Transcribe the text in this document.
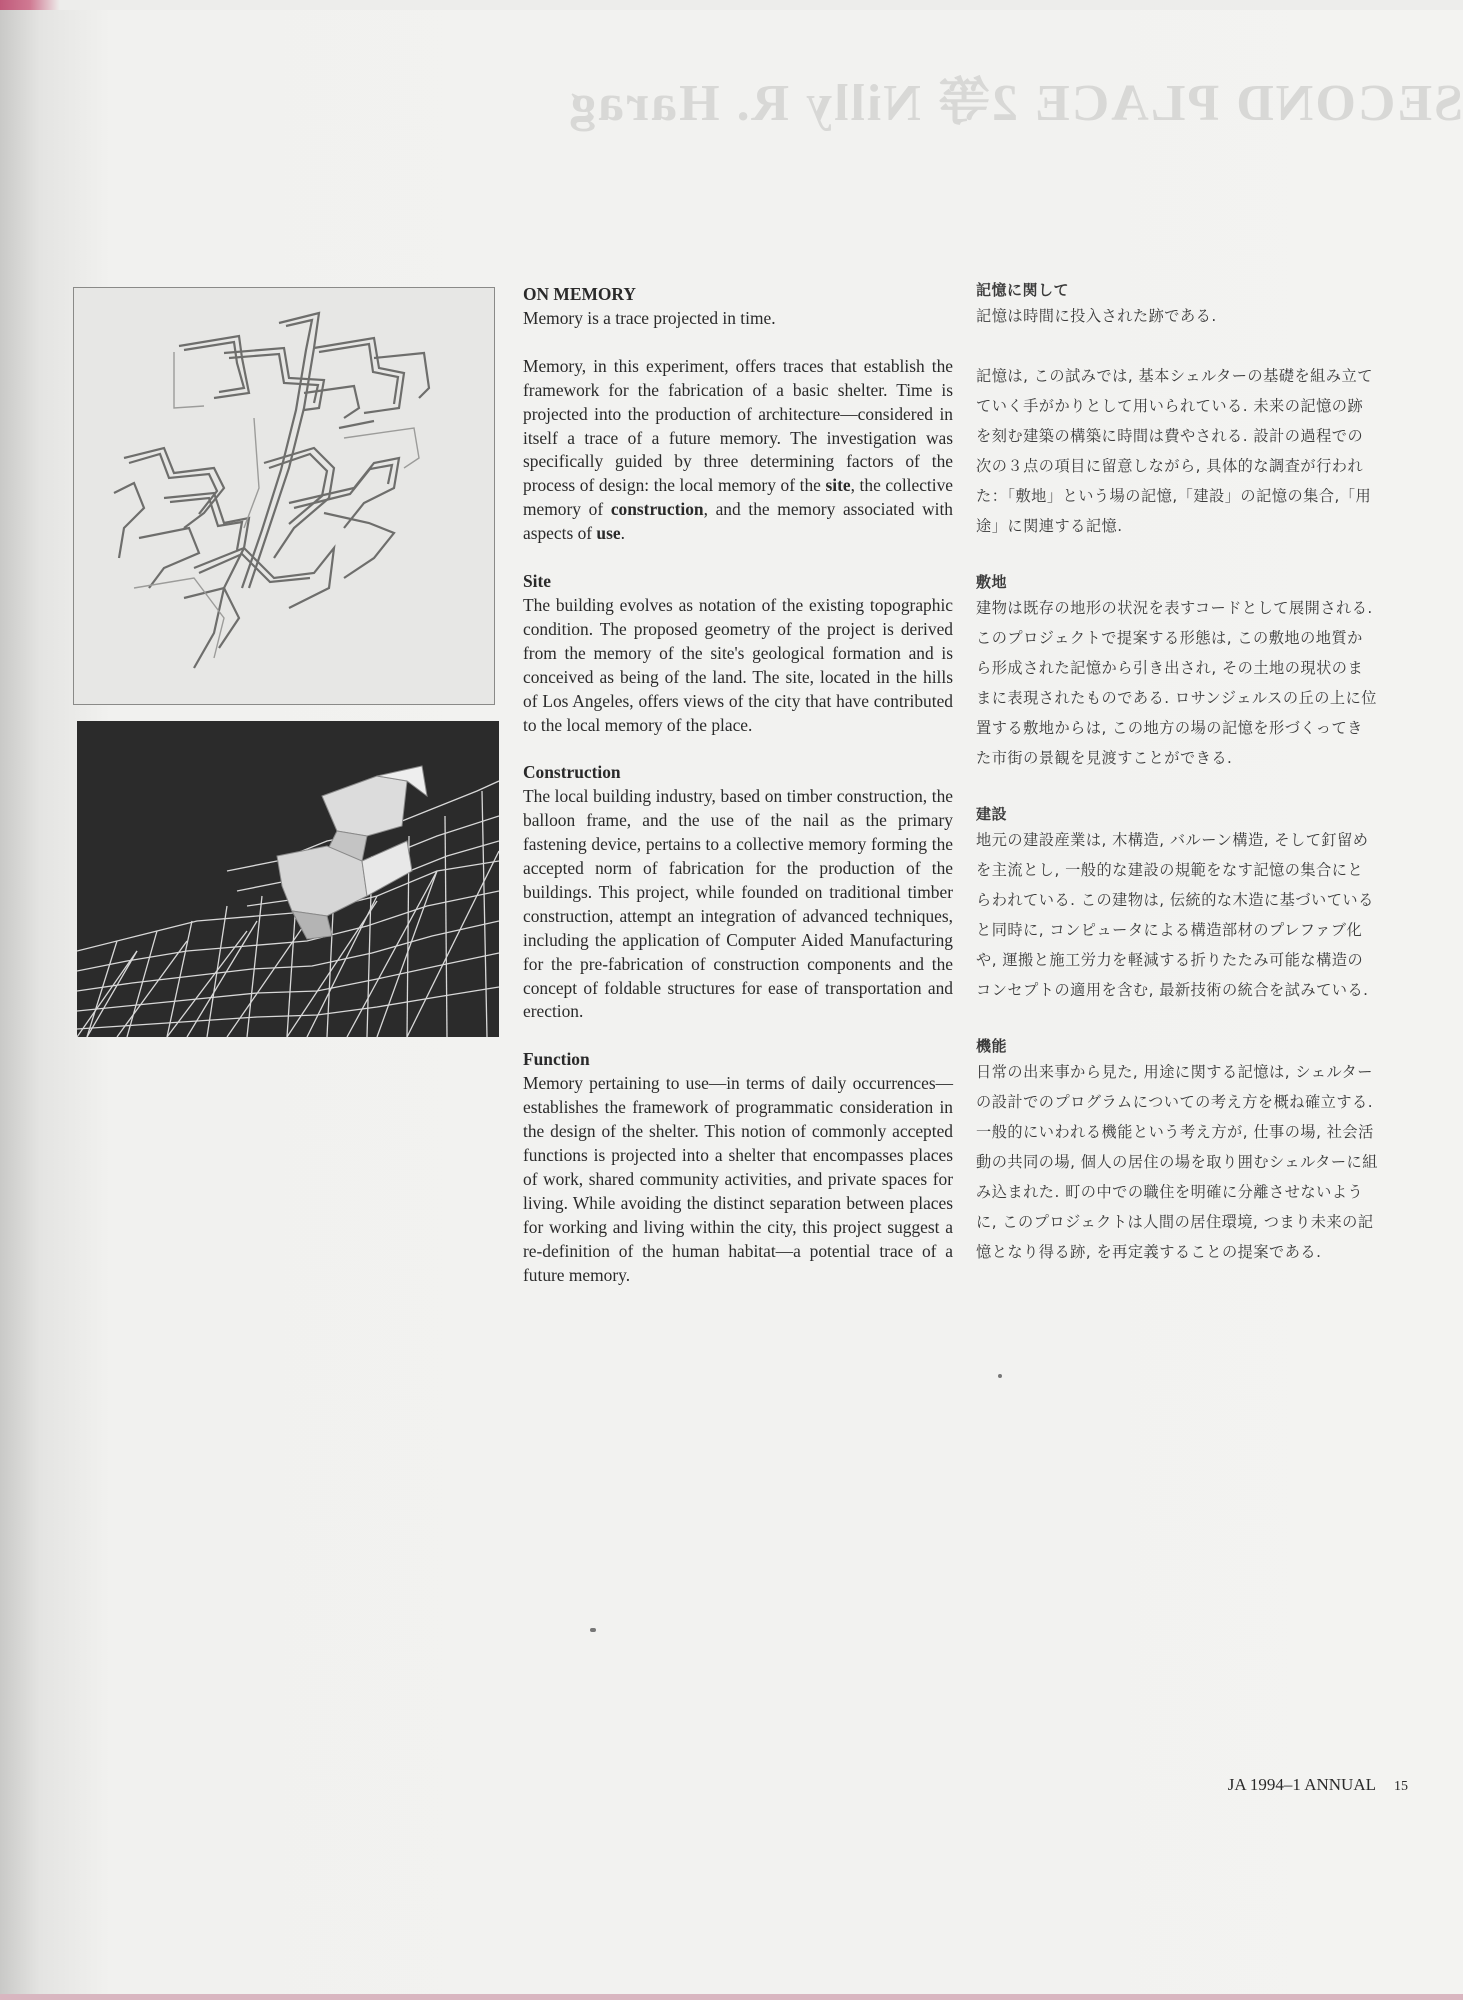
SECOND PLACE 2等 Nilly R. Harag
ON MEMORY

Memory is a trace projected in time.

Memory, in this experiment, offers traces that establish the framework for the fabrication of a basic shelter. Time is projected into the production of architecture—considered in itself a trace of a future memory. The investigation was specifically guided by three determining factors of the process of design: the local memory of the site, the collective memory of construction, and the memory associated with aspects of use.

Site

The building evolves as notation of the existing topographic condition. The proposed geometry of the project is derived from the memory of the site's geological formation and is conceived as being of the land. The site, located in the hills of Los Angeles, offers views of the city that have contributed to the local memory of the place.

Construction

The local building industry, based on timber construction, the balloon frame, and the use of the nail as the primary fastening device, pertains to a collective memory forming the accepted norm of fabrication for the production of the buildings. This project, while founded on traditional timber construction, attempt an integration of advanced techniques, including the application of Computer Aided Manufacturing for the pre-fabrication of construction components and the concept of foldable structures for ease of transportation and erection.

Function

Memory pertaining to use—in terms of daily occurrences—establishes the framework of programmatic consideration in the design of the shelter. This notion of commonly accepted functions is projected into a shelter that encompasses places of work, shared community activities, and private spaces for living. While avoiding the distinct separation between places for working and living within the city, this project suggest a re-definition of the human habitat—a potential trace of a future memory.

記憶に関して

記憶は時間に投入された跡である.

記憶は, この試みでは, 基本シェルターの基礎を組み立てていく手がかりとして用いられている. 未来の記憶の跡を刻む建築の構築に時間は費やされる. 設計の過程での次の３点の項目に留意しながら, 具体的な調査が行われた：「敷地」という場の記憶,「建設」の記憶の集合,「用途」に関連する記憶.

敷地

建物は既存の地形の状況を表すコードとして展開される. このプロジェクトで提案する形態は, この敷地の地質から形成された記憶から引き出され, その土地の現状のままに表現されたものである. ロサンジェルスの丘の上に位置する敷地からは, この地方の場の記憶を形づくってきた市街の景観を見渡すことができる.

建設

地元の建設産業は, 木構造, バルーン構造, そして釘留めを主流とし, 一般的な建設の規範をなす記憶の集合にとらわれている. この建物は, 伝統的な木造に基づいていると同時に, コンピュータによる構造部材のプレファブ化や, 運搬と施工労力を軽減する折りたたみ可能な構造のコンセプトの適用を含む, 最新技術の統合を試みている.

機能

日常の出来事から見た, 用途に関する記憶は, シェルターの設計でのプログラムについての考え方を概ね確立する. 一般的にいわれる機能という考え方が, 仕事の場, 社会活動の共同の場, 個人の居住の場を取り囲むシェルターに組み込まれた. 町の中での職住を明確に分離させないように, このプロジェクトは人間の居住環境, つまり未来の記憶となり得る跡, を再定義することの提案である.

JA 1994–1 ANNUAL 15
